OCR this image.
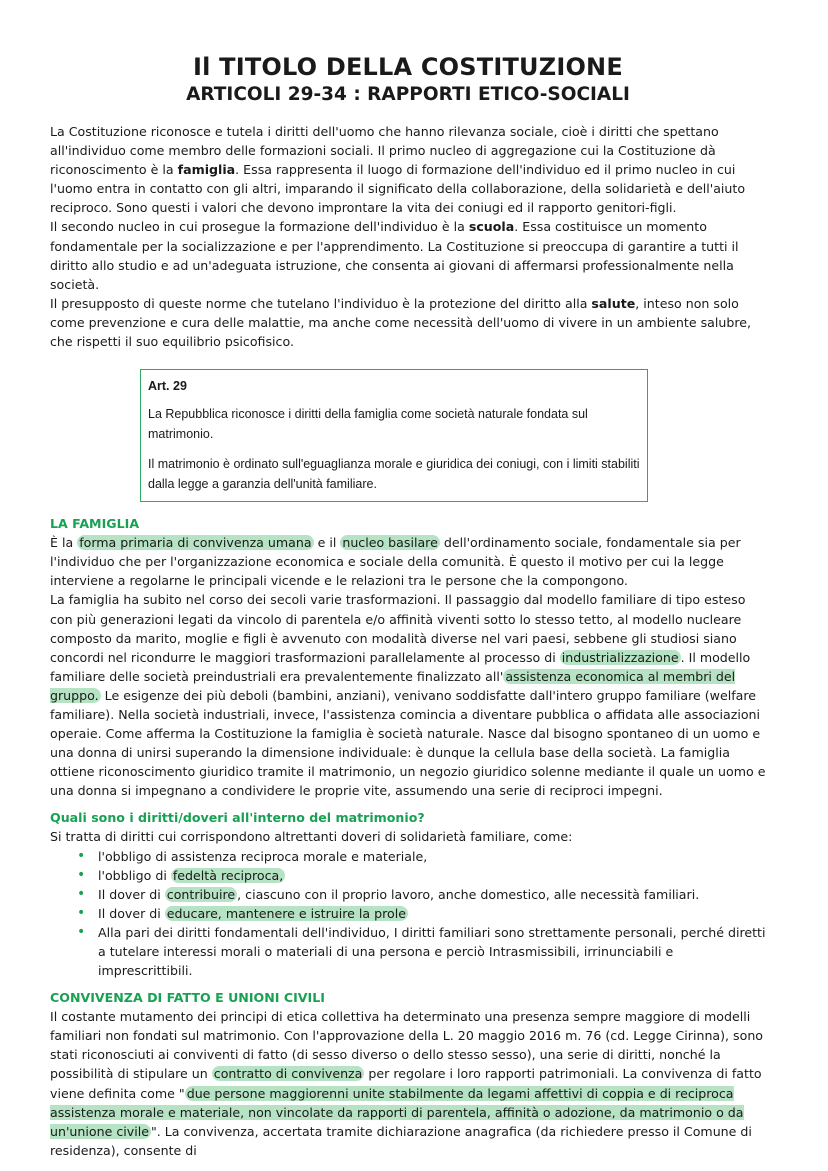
Il TITOLO DELLA COSTITUZIONE
ARTICOLI 29-34 : RAPPORTI ETICO-SOCIALI

La Costituzione riconosce e tutela i diritti dell'uomo che hanno rilevanza sociale, cioè i diritti che spettano all'individuo come membro delle formazioni sociali. Il primo nucleo di aggregazione cui la Costituzione dà riconoscimento è la famiglia. Essa rappresenta il luogo di formazione dell'individuo ed il primo nucleo in cui l'uomo entra in contatto con gli altri, imparando il significato della collaborazione, della solidarietà e dell'aiuto reciproco. Sono questi i valori che devono improntare la vita dei coniugi ed il rapporto genitori-figli.

Il secondo nucleo in cui prosegue la formazione dell'individuo è la scuola. Essa costituisce un momento fondamentale per la socializzazione e per l'apprendimento. La Costituzione si preoccupa di garantire a tutti il diritto allo studio e ad un'adeguata istruzione, che consenta ai giovani di affermarsi professionalmente nella società.

Il presupposto di queste norme che tutelano l'individuo è la protezione del diritto alla salute, inteso non solo come prevenzione e cura delle malattie, ma anche come necessità dell'uomo di vivere in un ambiente salubre, che rispetti il suo equilibrio psicofisico.

Art. 29
La Repubblica riconosce i diritti della famiglia come società naturale fondata sul matrimonio.
Il matrimonio è ordinato sull'eguaglianza morale e giuridica dei coniugi, con i limiti stabiliti dalla legge a garanzia dell'unità familiare.
LA FAMIGLIA

È la forma primaria di convivenza umana e il nucleo basilare dell'ordinamento sociale, fondamentale sia per l'individuo che per l'organizzazione economica e sociale della comunità. È questo il motivo per cui la legge interviene a regolarne le principali vicende e le relazioni tra le persone che la compongono.

La famiglia ha subito nel corso dei secoli varie trasformazioni. Il passaggio dal modello familiare di tipo esteso con più generazioni legati da vincolo di parentela e/o affinità viventi sotto lo stesso tetto, al modello nucleare composto da marito, moglie e figli è avvenuto con modalità diverse nel vari paesi, sebbene gli studiosi siano concordi nel ricondurre le maggiori trasformazioni parallelamente al processo di industrializzazione . Il modello familiare delle società preindustriali era prevalentemente finalizzato all' assistenza economica al membri del gruppo. Le esigenze dei più deboli (bambini, anziani), venivano soddisfatte dall'intero gruppo familiare (welfare familiare). Nella società industriali, invece, l'assistenza comincia a diventare pubblica o affidata alle associazioni operaie. Come afferma la Costituzione la famiglia è società naturale. Nasce dal bisogno spontaneo di un uomo e una donna di unirsi superando la dimensione individuale: è dunque la cellula base della società. La famiglia ottiene riconoscimento giuridico tramite il matrimonio, un negozio giuridico solenne mediante il quale un uomo e una donna si impegnano a condividere le proprie vite, assumendo una serie di reciproci impegni.

Quali sono i diritti/doveri all'interno del matrimonio?

Si tratta di diritti cui corrispondono altrettanti doveri di solidarietà familiare, come:

• l'obbligo di assistenza reciproca morale e materiale,
• l'obbligo di fedeltà reciproca,
• Il dover di contribuire , ciascuno con il proprio lavoro, anche domestico, alle necessità familiari.
• Il dover di educare, mantenere e istruire la prole
• Alla pari dei diritti fondamentali dell'individuo, I diritti familiari sono strettamente personali, perché diretti a tutelare interessi morali o materiali di una persona e perciò Intrasmissibili, irrinunciabili e imprescrittibili.
CONVIVENZA DI FATTO E UNIONI CIVILI

Il costante mutamento dei principi di etica collettiva ha determinato una presenza sempre maggiore di modelli familiari non fondati sul matrimonio. Con l'approvazione della L. 20 maggio 2016 m. 76 (cd. Legge Cirinna), sono stati riconosciuti ai conviventi di fatto (di sesso diverso o dello stesso sesso), una serie di diritti, nonché la possibilità di stipulare un contratto di convivenza per regolare i loro rapporti patrimoniali. La convivenza di fatto viene definita come " due persone maggiorenni unite stabilmente da legami affettivi di coppia e di reciproca assistenza morale e materiale, non vincolate da rapporti di parentela, affinità o adozione, da matrimonio o da un'unione civile ". La convivenza, accertata tramite dichiarazione anagrafica (da richiedere presso il Comune di residenza), consente di
